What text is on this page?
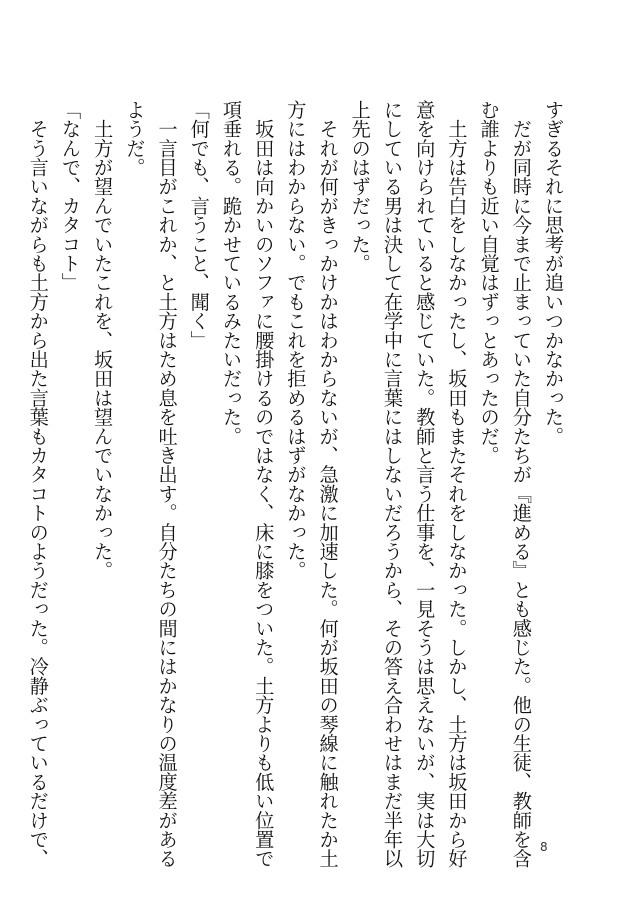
すぎるそれに思考が追いつかなかった。
　だが同時に今まで止まっていた自分たちが『進める』とも感じた。他の生徒、教師を含
む誰よりも近い自覚はずっとあったのだ。
　土方は告白をしなかったし、坂田もまたそれをしなかった。しかし、土方は坂田から好
意を向けられていると感じていた。教師と言う仕事を、一見そうは思えないが、実は大切
にしている男は決して在学中に言葉にはしないだろうから、その答え合わせはまだ半年以
上先のはずだった。
　それが何がきっかけかはわからないが、急激に加速した。何が坂田の琴線に触れたか土
方にはわからない。でもこれを拒めるはずがなかった。
　坂田は向かいのソファに腰掛けるのではなく、床に膝をついた。土方よりも低い位置で
項垂れる。跪かせているみたいだった。
「何でも、言うこと、聞く」
　一言目がこれか、と土方はため息を吐き出す。自分たちの間にはかなりの温度差がある
ようだ。
　土方が望んでいたこれを、坂田は望んでいなかった。
「なんで、カタコト」
　そう言いながらも土方から出た言葉もカタコトのようだった。冷静ぶっているだけで、	8
